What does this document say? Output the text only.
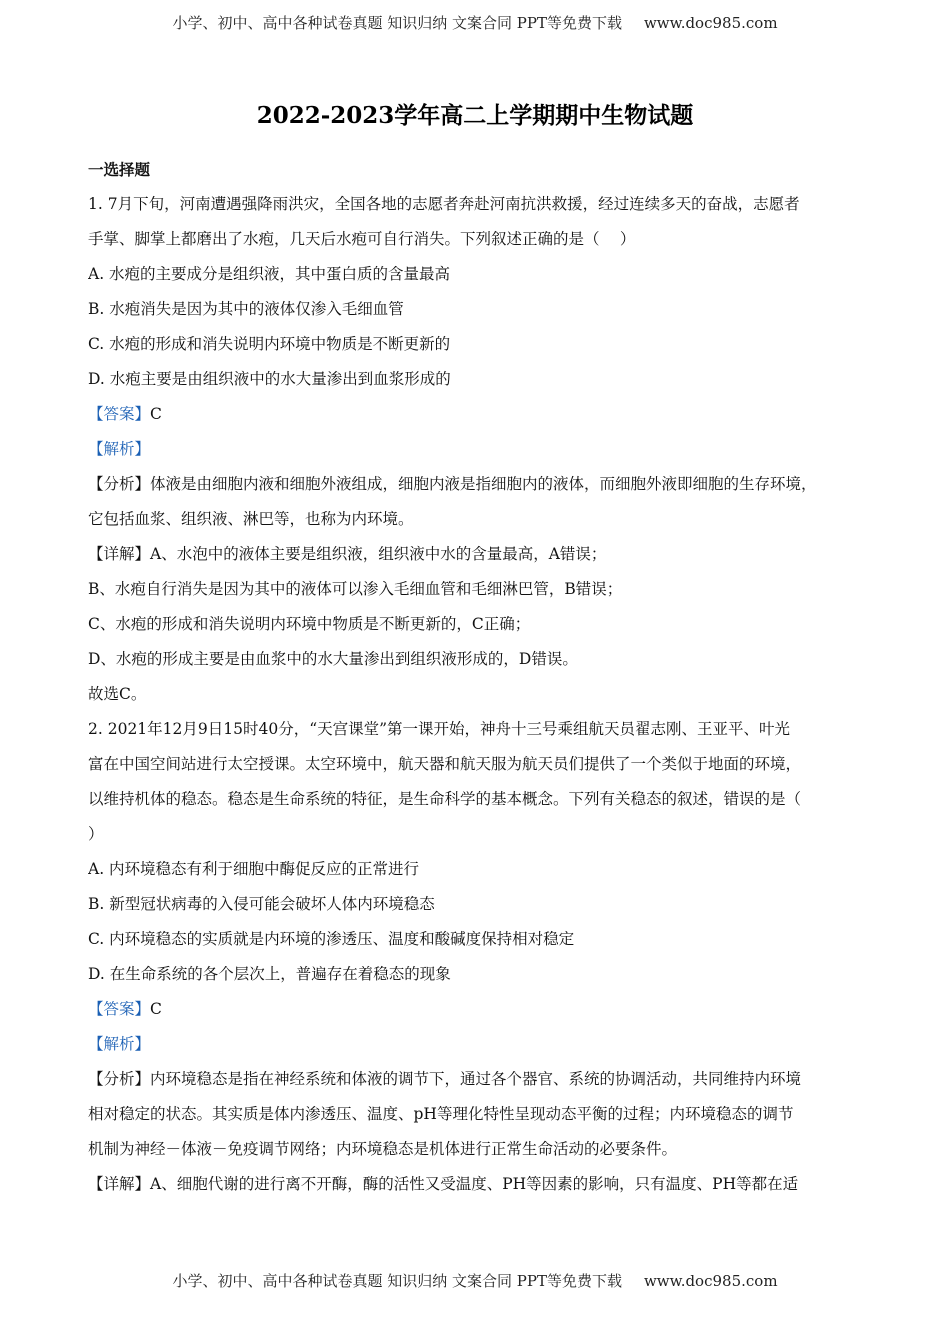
小学、初中、高中各种试卷真题 知识归纳 文案合同 PPT等免费下载 www.doc985.com
2022-2023学年高二上学期期中生物试题
一选择题
1. 7月下旬，河南遭遇强降雨洪灾，全国各地的志愿者奔赴河南抗洪救援，经过连续多天的奋战，志愿者
手掌、脚掌上都磨出了水疱，几天后水疱可自行消失。下列叙述正确的是（　 ）
A. 水疱的主要成分是组织液，其中蛋白质的含量最高
B. 水疱消失是因为其中的液体仅渗入毛细血管
C. 水疱的形成和消失说明内环境中物质是不断更新的
D. 水疱主要是由组织液中的水大量渗出到血浆形成的
【答案】C
【解析】
【分析】体液是由细胞内液和细胞外液组成，细胞内液是指细胞内的液体，而细胞外液即细胞的生存环境，
它包括血浆、组织液、淋巴等，也称为内环境。
【详解】A、水泡中的液体主要是组织液，组织液中水的含量最高，A错误；
B、水疱自行消失是因为其中的液体可以渗入毛细血管和毛细淋巴管，B错误；
C、水疱的形成和消失说明内环境中物质是不断更新的，C正确；
D、水疱的形成主要是由血浆中的水大量渗出到组织液形成的，D错误。
故选C。
2. 2021年12月9日15时40分，“天宫课堂”第一课开始，神舟十三号乘组航天员翟志刚、王亚平、叶光
富在中国空间站进行太空授课。太空环境中，航天器和航天服为航天员们提供了一个类似于地面的环境，
以维持机体的稳态。稳态是生命系统的特征，是生命科学的基本概念。下列有关稳态的叙述，错误的是（
）
A. 内环境稳态有利于细胞中酶促反应的正常进行
B. 新型冠状病毒的入侵可能会破坏人体内环境稳态
C. 内环境稳态的实质就是内环境的渗透压、温度和酸碱度保持相对稳定
D. 在生命系统的各个层次上，普遍存在着稳态的现象
【答案】C
【解析】
【分析】内环境稳态是指在神经系统和体液的调节下，通过各个器官、系统的协调活动，共同维持内环境
相对稳定的状态。其实质是体内渗透压、温度、pH等理化特性呈现动态平衡的过程；内环境稳态的调节
机制为神经－体液－免疫调节网络；内环境稳态是机体进行正常生命活动的必要条件。
【详解】A、细胞代谢的进行离不开酶，酶的活性又受温度、PH等因素的影响，只有温度、PH等都在适
小学、初中、高中各种试卷真题 知识归纳 文案合同 PPT等免费下载 www.doc985.com
